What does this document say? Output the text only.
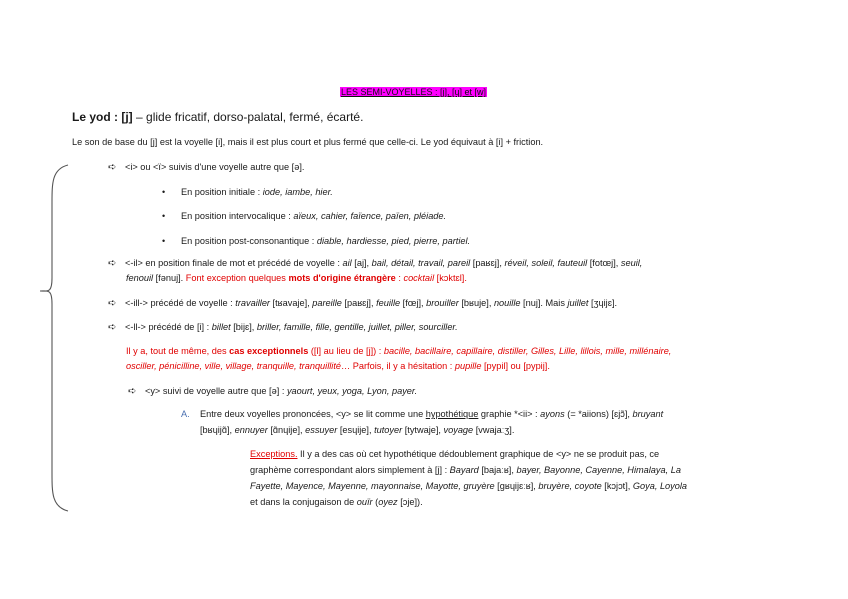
LES SEMI-VOYELLES : [j], [ɥ] et [w]
Le yod : [j] – glide fricatif, dorso-palatal, fermé, écarté.
Le son de base du [j] est la voyelle [i], mais il est plus court et plus fermé que celle-ci. Le yod équivaut à [i] + friction.
➪ <i> ou <ï> suivis d'une voyelle autre que [ə].
• En position initiale : iode, iambe, hier.
• En position intervocalique : aïeux, cahier, faïence, païen, pléiade.
• En position post-consonantique : diable, hardiesse, pied, pierre, partiel.
➪ <-il> en position finale de mot et précédé de voyelle : ail [aj], bail, détail, travail, pareil [paʁɛj], réveil, soleil, fauteuil [fotœj], seuil,
fenouil [fənuj]. Font exception quelques mots d'origine étrangère : cocktail [kɔktɛl].
➪ <-ill-> précédé de voyelle : travailler [tʁavaje], pareille [paʁɛj], feuille [fœj], brouiller [bʁuje], nouille [nuj]. Mais juillet [ʒɥijɛ].
➪ <-ll-> précédé de [i] : billet [bijɛ], briller, famille, fille, gentille, juillet, piller, sourciller.
Il y a, tout de même, des cas exceptionnels ([l] au lieu de [j]) : bacille, bacillaire, capillaire, distiller, Gilles, Lille, lillois, mille, millénaire,
osciller, pénicilline, ville, village, tranquille, tranquillité… Parfois, il y a hésitation : pupille [pypil] ou [pypij].
➪ <y> suivi de voyelle autre que [ə] : yaourt, yeux, yoga, Lyon, payer.
A. Entre deux voyelles prononcées, <y> se lit comme une hypothétique graphie *<ii> : ayons (= *aiions) [ɛjɔ̃], bruyant
[bʁɥijɑ̃], ennuyer [ɑ̃nɥije], essuyer [esɥije], tutoyer [tytwaje], voyage [vwajaːʒ].
Exceptions. Il y a des cas où cet hypothétique dédoublement graphique de <y> ne se produit pas, ce
graphème correspondant alors simplement à [j] : Bayard [bajaːʁ], bayer, Bayonne, Cayenne, Himalaya, La
Fayette, Mayence, Mayenne, mayonnaise, Mayotte, gruyère [gʁɥijɛːʁ], bruyère, coyote [kɔjɔt], Goya, Loyola
et dans la conjugaison de ouïr (oyez [ɔje]).
